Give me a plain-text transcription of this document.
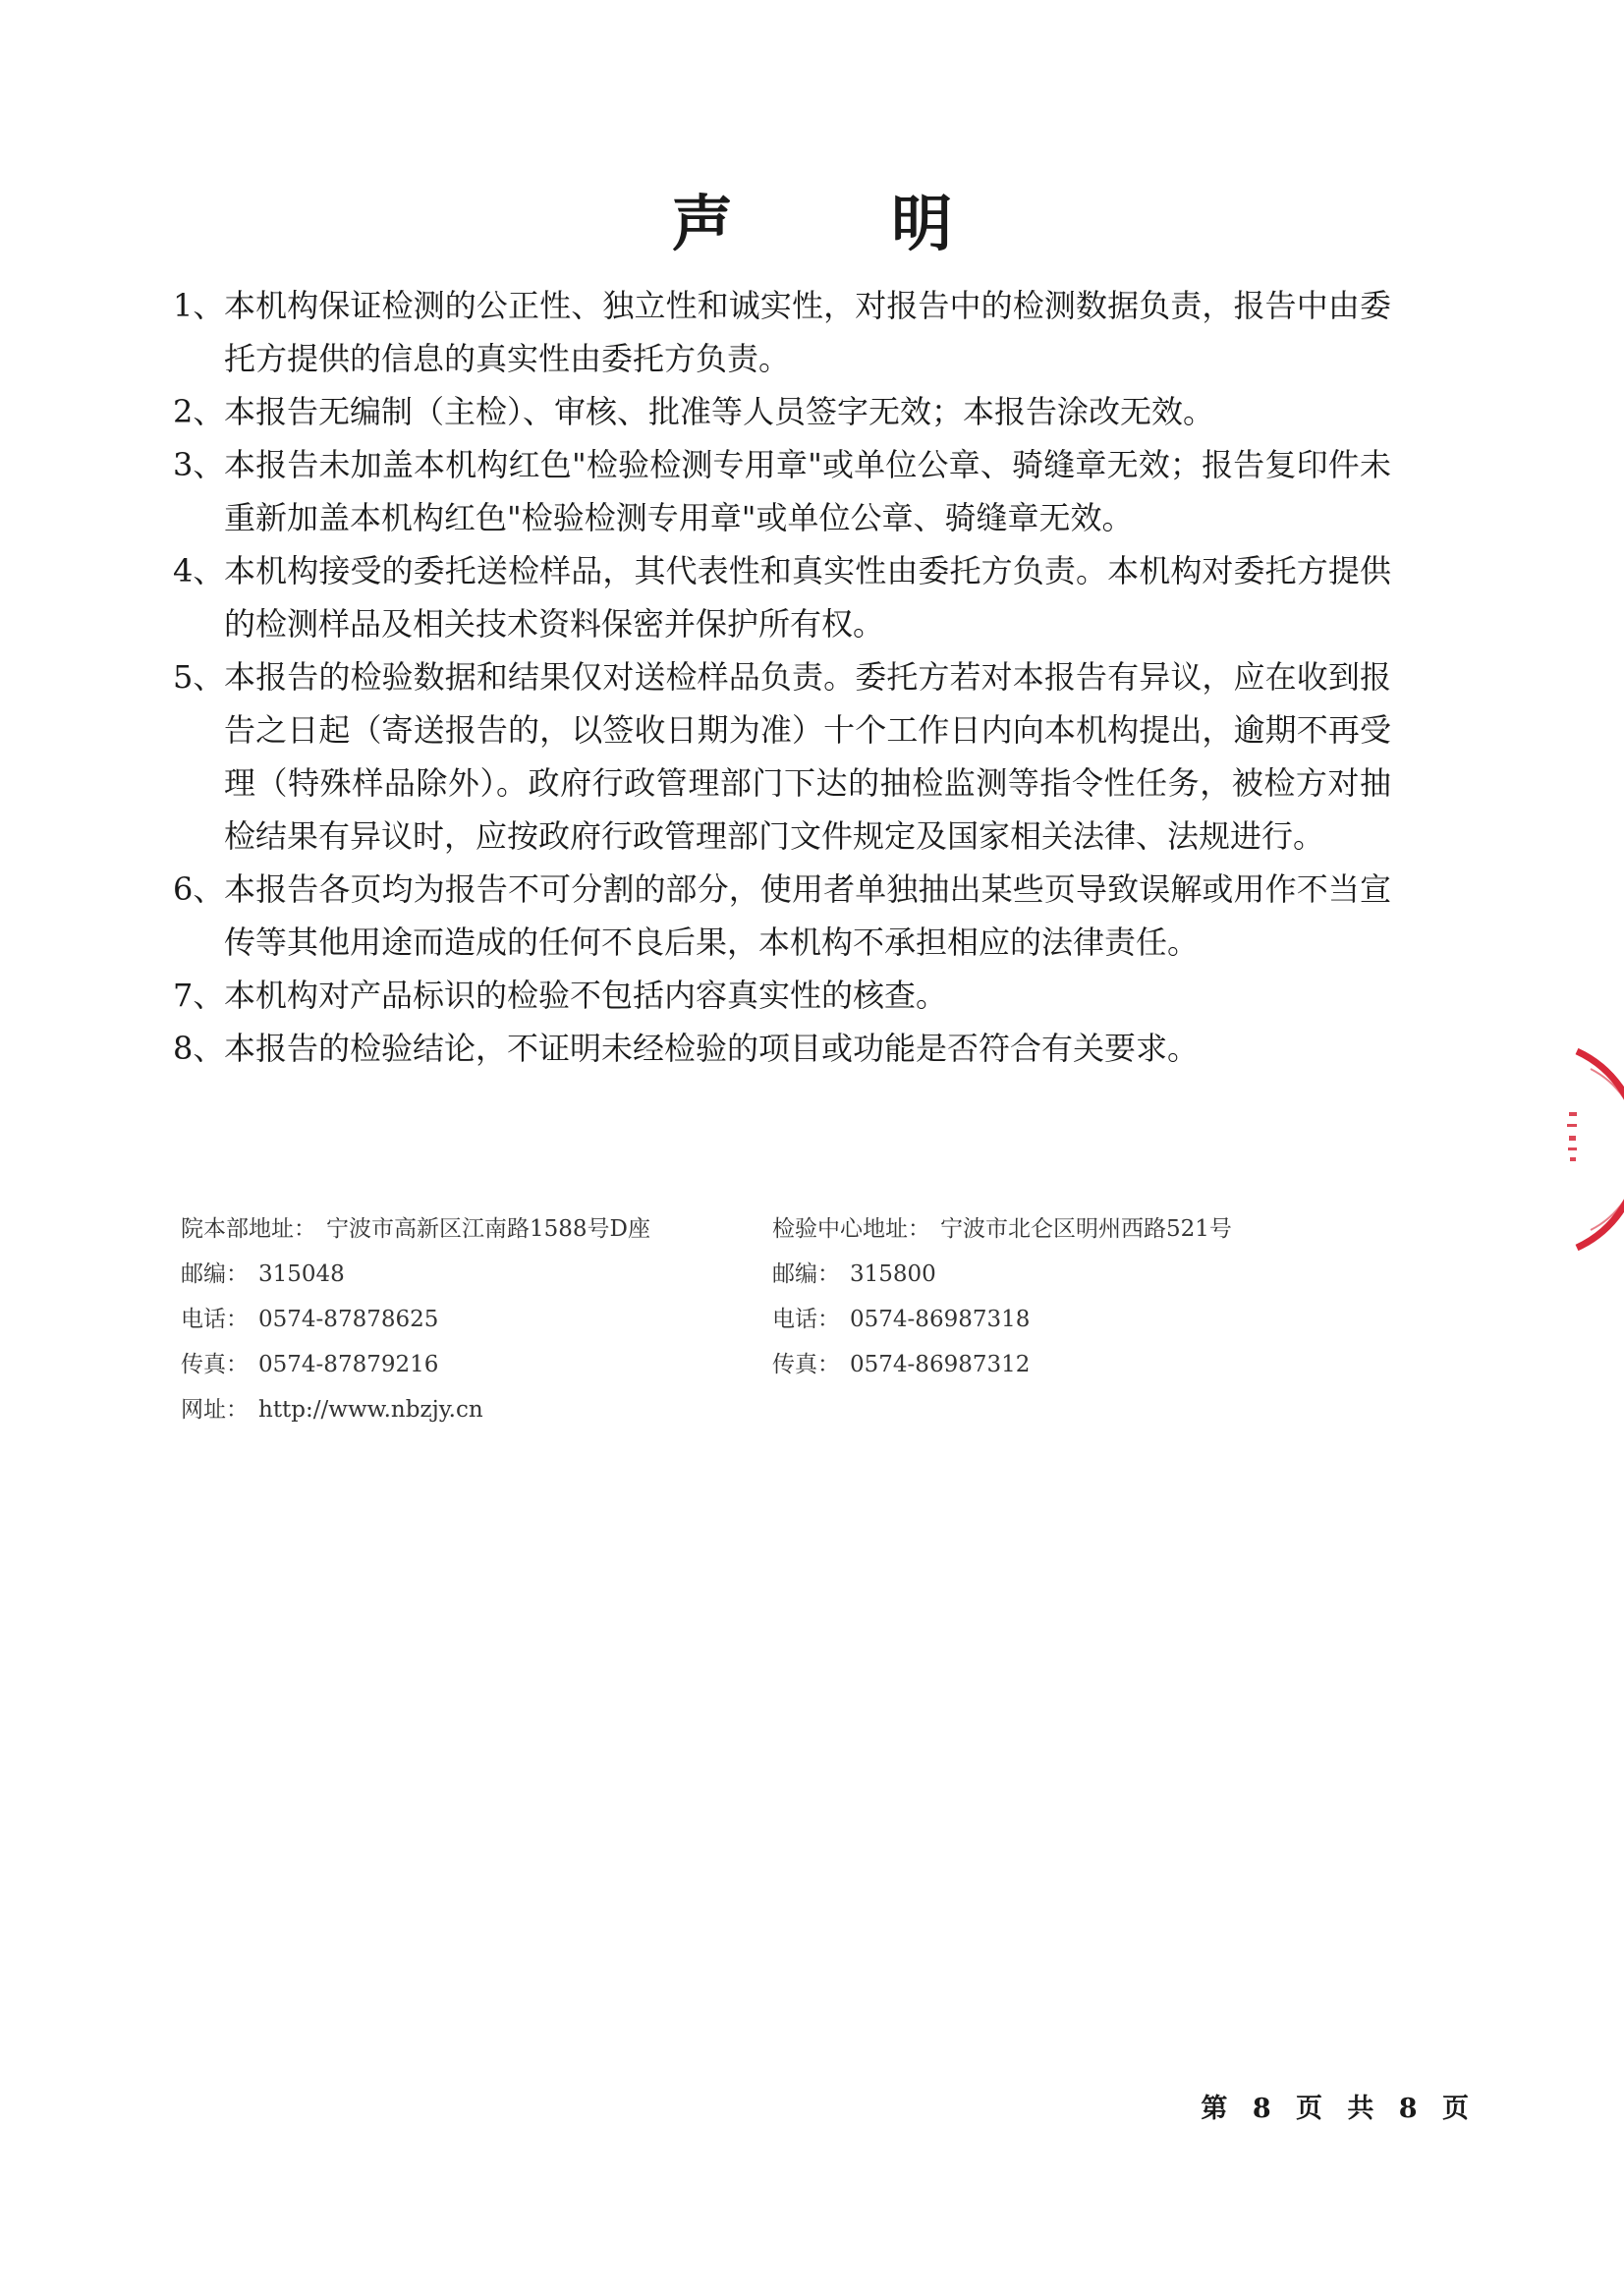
声 明
1、 本机构保证检测的公正性、独立性和诚实性，对报告中的检测数据负责，报告中由委托方提供的信息的真实性由委托方负责。
2、 本报告无编制（主检）、审核、批准等人员签字无效；本报告涂改无效。
3、 本报告未加盖本机构红色"检验检测专用章"或单位公章、骑缝章无效；报告复印件未重新加盖本机构红色"检验检测专用章"或单位公章、骑缝章无效。
4、 本机构接受的委托送检样品，其代表性和真实性由委托方负责。本机构对委托方提供的检测样品及相关技术资料保密并保护所有权。
5、 本报告的检验数据和结果仅对送检样品负责。委托方若对本报告有异议，应在收到报告之日起（寄送报告的，以签收日期为准）十个工作日内向本机构提出，逾期不再受理（特殊样品除外）。政府行政管理部门下达的抽检监测等指令性任务，被检方对抽检结果有异议时，应按政府行政管理部门文件规定及国家相关法律、法规进行。
6、 本报告各页均为报告不可分割的部分，使用者单独抽出某些页导致误解或用作不当宣传等其他用途而造成的任何不良后果，本机构不承担相应的法律责任。
7、 本机构对产品标识的检验不包括内容真实性的核查。
8、 本报告的检验结论，不证明未经检验的项目或功能是否符合有关要求。
院本部地址： 宁波市高新区江南路1588号D座
邮编： 315048
电话： 0574-87878625
传真： 0574-87879216
网址： http://www.nbzjy.cn
检验中心地址： 宁波市北仑区明州西路521号
邮编： 315800
电话： 0574-86987318
传真： 0574-86987312
第 8 页 共 8 页
